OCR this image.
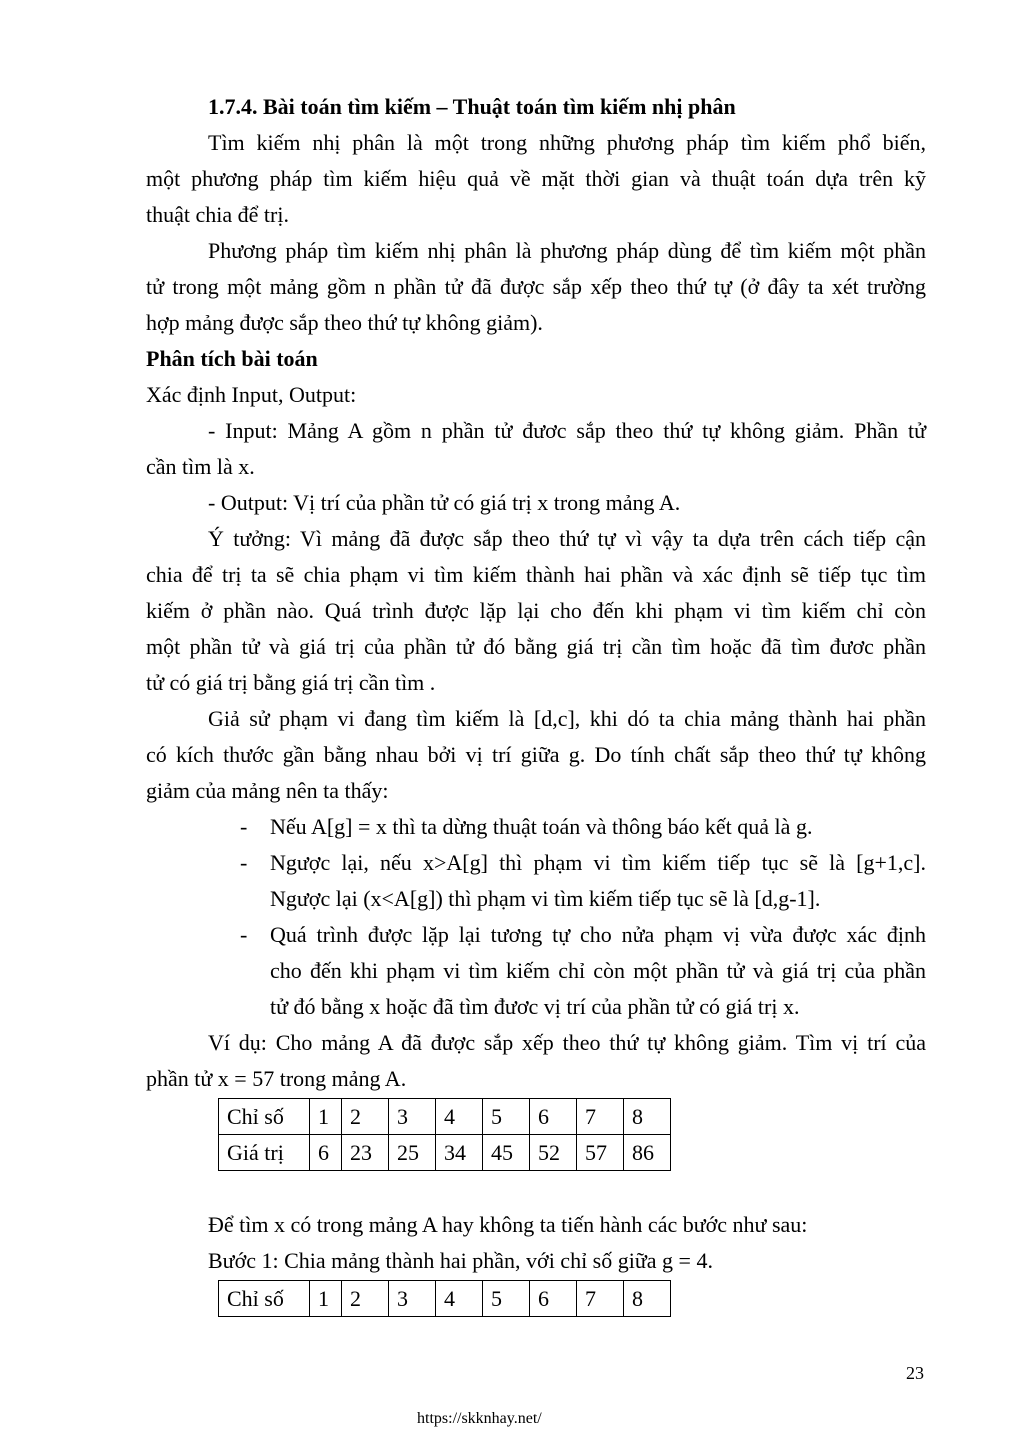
1.7.4. Bài toán tìm kiếm – Thuật toán tìm kiếm nhị phân
Tìm kiếm nhị phân là một trong những phương pháp tìm kiếm phổ biến,
một phương pháp tìm kiếm hiệu quả về mặt thời gian và thuật toán dựa trên kỹ
thuật chia để trị.
Phương pháp tìm kiếm nhị phân là phương pháp dùng để tìm kiếm một phần
tử trong một mảng gồm n phần tử đã được sắp xếp theo thứ tự (ở đây ta xét trường
hợp mảng được sắp theo thứ tự không giảm).
Phân tích bài toán
Xác định Input, Output:
- Input: Mảng A gồm n phần tử đươc sắp theo thứ tự không giảm. Phần tử
cần tìm là x.
- Output: Vị trí của phần tử có giá trị x trong mảng A.
Ý tưởng: Vì mảng đã được sắp theo thứ tự vì vậy ta dựa trên cách tiếp cận
chia để trị ta sẽ chia phạm vi tìm kiếm thành hai phần và xác định sẽ tiếp tục tìm
kiếm ở phần nào. Quá trình được lặp lại cho đến khi phạm vi tìm kiếm chỉ còn
một phần tử và giá trị của phần tử đó bằng giá trị cần tìm hoặc đã tìm đươc phần
tử có giá trị bằng giá trị cần tìm .
Giả sử phạm vi đang tìm kiếm là [d,c], khi dó ta chia mảng thành hai phần
có kích thước gần bằng nhau bởi vị trí giữa g. Do tính chất sắp theo thứ tự không
giảm của mảng nên ta thấy:
- Nếu A[g] = x thì ta dừng thuật toán và thông báo kết quả là g.
- Ngược lại, nếu x>A[g] thì phạm vi tìm kiếm tiếp tục sẽ là [g+1,c].
Ngược lại (x<A[g]) thì phạm vi tìm kiếm tiếp tục sẽ là [d,g-1].
- Quá trình được lặp lại tương tự cho nửa phạm vị vừa được xác định
cho đến khi phạm vi tìm kiếm chỉ còn một phần tử và giá trị của phần
tử đó bằng x hoặc đã tìm đươc vị trí của phần tử có giá trị x.
Ví dụ: Cho mảng A đã được sắp xếp theo thứ tự không giảm. Tìm vị trí của
phần tử x = 57 trong mảng A.
Chỉ số	1	2	3	4	5	6	7	8
Giá trị	6	23	25	34	45	52	57	86
Để tìm x có trong mảng A hay không ta tiến hành các bước như sau:
Bước 1: Chia mảng thành hai phần, với chỉ số giữa g = 4.
Chỉ số	1	2	3	4	5	6	7	8
23
https://skknhay.net/
